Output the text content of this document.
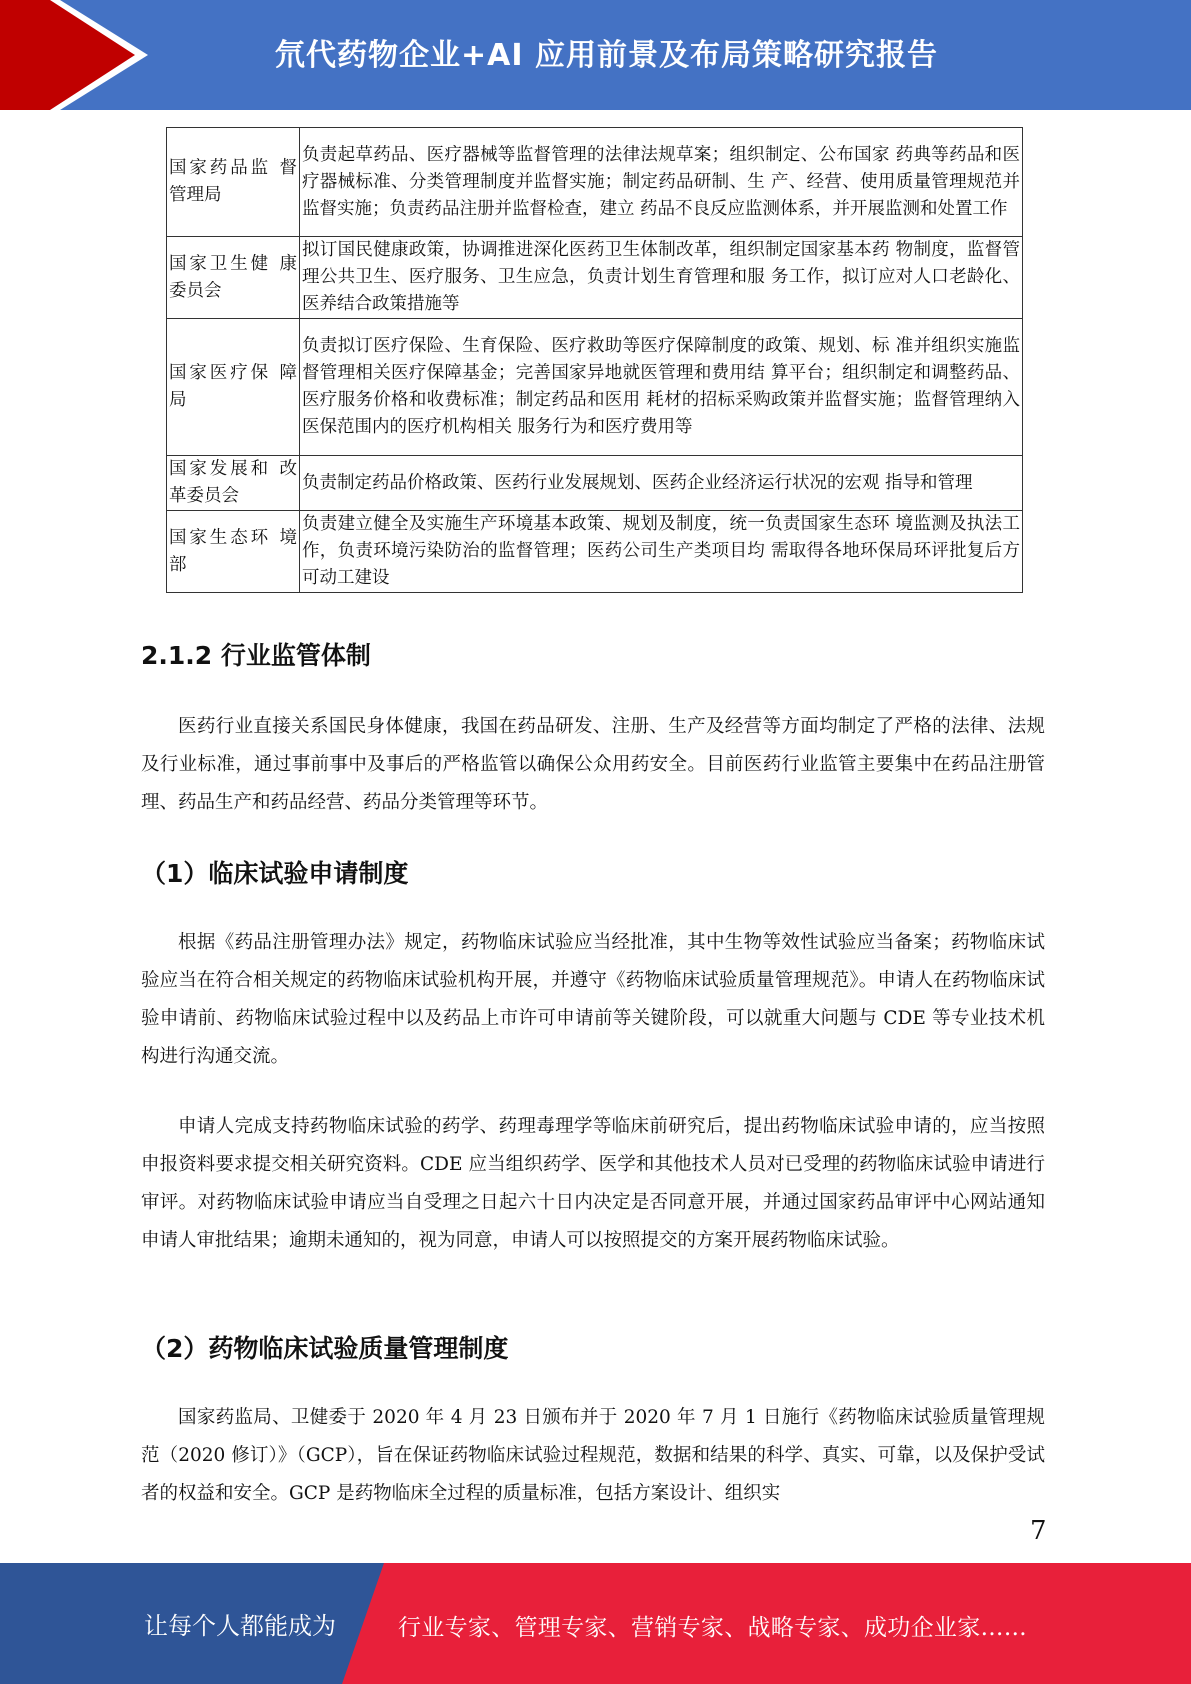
氘代药物企业+AI 应用前景及布局策略研究报告
国家药品监 督管理局	负责起草药品、医疗器械等监督管理的法律法规草案；组织制定、公布国家 药典等药品和医疗器械标准、分类管理制度并监督实施；制定药品研制、生 产、经营、使用质量管理规范并监督实施；负责药品注册并监督检查，建立 药品不良反应监测体系，并开展监测和处置工作
国家卫生健 康委员会	拟订国民健康政策，协调推进深化医药卫生体制改革，组织制定国家基本药 物制度，监督管理公共卫生、医疗服务、卫生应急，负责计划生育管理和服 务工作，拟订应对人口老龄化、医养结合政策措施等
国家医疗保 障局	负责拟订医疗保险、生育保险、医疗救助等医疗保障制度的政策、规划、标 准并组织实施监督管理相关医疗保障基金；完善国家异地就医管理和费用结 算平台；组织制定和调整药品、医疗服务价格和收费标准；制定药品和医用 耗材的招标采购政策并监督实施；监督管理纳入医保范围内的医疗机构相关 服务行为和医疗费用等
国家发展和 改革委员会	负责制定药品价格政策、医药行业发展规划、医药企业经济运行状况的宏观 指导和管理
国家生态环 境部	负责建立健全及实施生产环境基本政策、规划及制度，统一负责国家生态环 境监测及执法工作，负责环境污染防治的监督管理；医药公司生产类项目均 需取得各地环保局环评批复后方可动工建设
2.1.2 行业监管体制

医药行业直接关系国民身体健康，我国在药品研发、注册、生产及经营等方面均制定了严格的法律、法规及行业标准，通过事前事中及事后的严格监管以确保公众用药安全。目前医药行业监管主要集中在药品注册管理、药品生产和药品经营、药品分类管理等环节。

（1）临床试验申请制度

根据《药品注册管理办法》规定，药物临床试验应当经批准，其中生物等效性试验应当备案；药物临床试验应当在符合相关规定的药物临床试验机构开展，并遵守《药物临床试验质量管理规范》。申请人在药物临床试验申请前、药物临床试验过程中以及药品上市许可申请前等关键阶段，可以就重大问题与 CDE 等专业技术机构进行沟通交流。

申请人完成支持药物临床试验的药学、药理毒理学等临床前研究后，提出药物临床试验申请的，应当按照申报资料要求提交相关研究资料。CDE 应当组织药学、医学和其他技术人员对已受理的药物临床试验申请进行审评。对药物临床试验申请应当自受理之日起六十日内决定是否同意开展，并通过国家药品审评中心网站通知申请人审批结果；逾期未通知的，视为同意，申请人可以按照提交的方案开展药物临床试验。

（2）药物临床试验质量管理制度

国家药监局、卫健委于 2020 年 4 月 23 日颁布并于 2020 年 7 月 1 日施行《药物临床试验质量管理规范（2020 修订）》（GCP），旨在保证药物临床试验过程规范，数据和结果的科学、真实、可靠，以及保护受试者的权益和安全。GCP 是药物临床全过程的质量标准，包括方案设计、组织实

7
让每个人都能成为	行业专家、管理专家、营销专家、战略专家、成功企业家……
